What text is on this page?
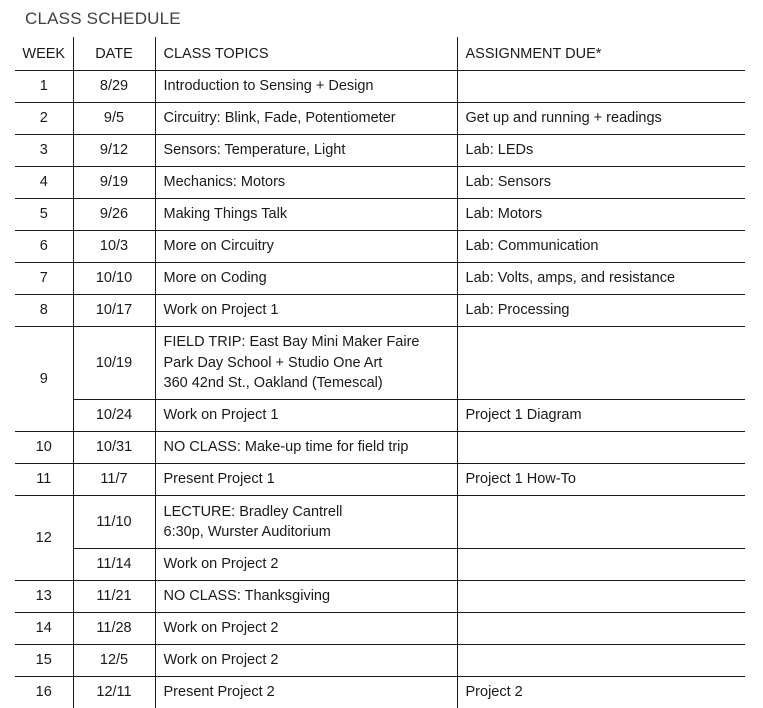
CLASS SCHEDULE
WEEK	DATE	CLASS TOPICS	ASSIGNMENT DUE*
1	8/29	Introduction to Sensing + Design	

2	9/5	Circuitry: Blink, Fade, Potentiometer	Get up and running + readings
3	9/12	Sensors: Temperature, Light	Lab: LEDs
4	9/19	Mechanics: Motors	Lab: Sensors
5	9/26	Making Things Talk	Lab: Motors
6	10/3	More on Circuitry	Lab: Communication
7	10/10	More on Coding	Lab: Volts, amps, and resistance
8	10/17	Work on Project 1	Lab: Processing
9	10/19	FIELD TRIP: East Bay Mini Maker Faire
Park Day School + Studio One Art
360 42nd St., Oakland (Temescal)	

	10/24	Work on Project 1	Project 1 Diagram
10	10/31	NO CLASS: Make-up time for field trip	

11	11/7	Present Project 1	Project 1 How-To
12	11/10	LECTURE: Bradley Cantrell
6:30p, Wurster Auditorium	

	11/14	Work on Project 2	

13	11/21	NO CLASS: Thanksgiving	

14	11/28	Work on Project 2	

15	12/5	Work on Project 2	

16	12/11	Present Project 2	Project 2
